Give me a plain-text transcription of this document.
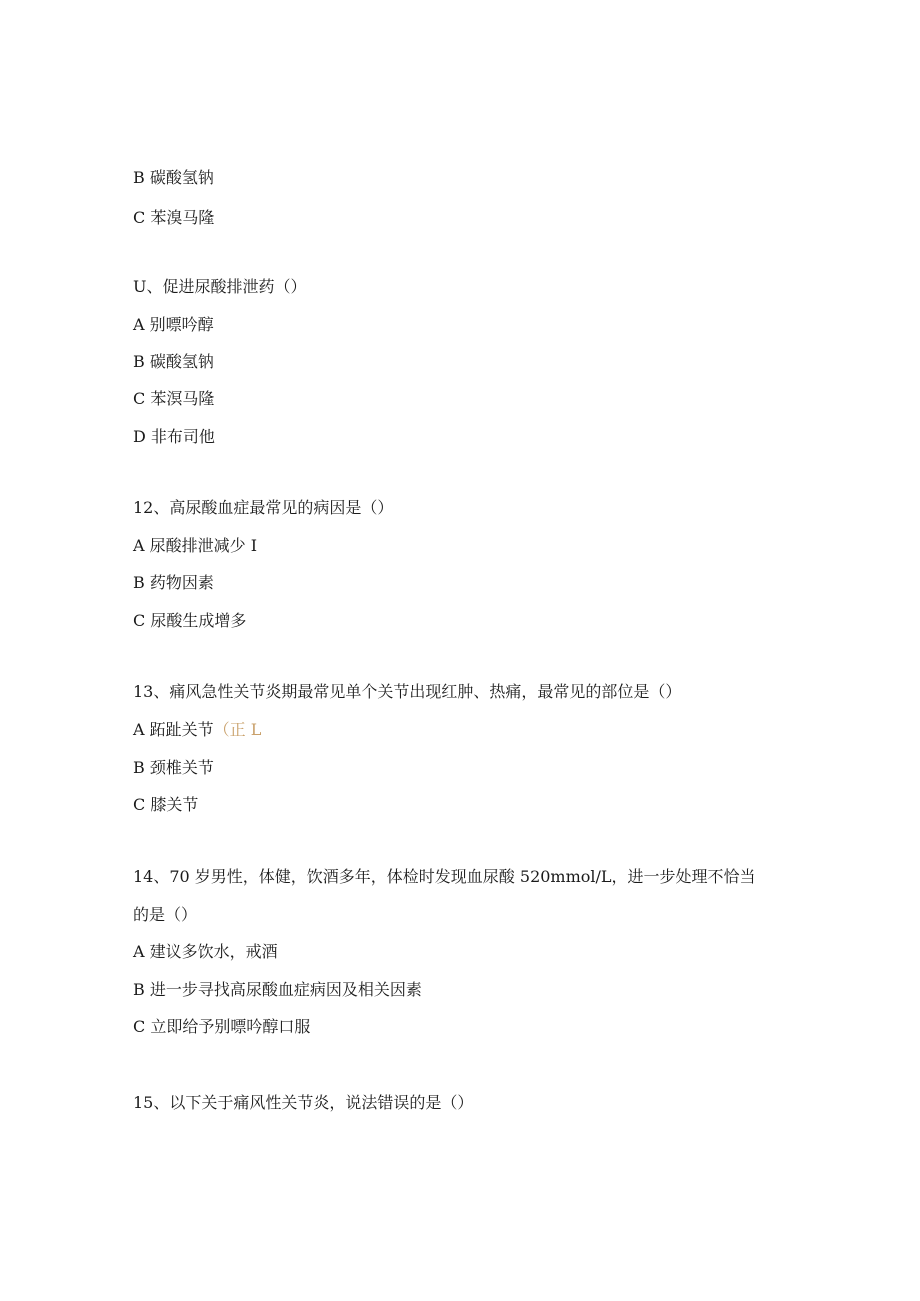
B 碳酸氢钠
C 苯溴马隆
U、促进尿酸排泄药（）
A 别嘌吟醇
B 碳酸氢钠
C 苯溟马隆
D 非布司他
12、高尿酸血症最常见的病因是（）
A 尿酸排泄减少 I
B 药物因素
C 尿酸生成增多
13、痛风急性关节炎期最常见单个关节出现红肿、热痛，最常见的部位是（）
A 跖趾关节（正 L
B 颈椎关节
C 膝关节
14、70 岁男性，体健，饮酒多年，体检时发现血尿酸 520mmol/L，进一步处理不恰当
的是（）
A 建议多饮水，戒酒
B 进一步寻找高尿酸血症病因及相关因素
C 立即给予别嘌吟醇口服
15、以下关于痛风性关节炎，说法错误的是（）
